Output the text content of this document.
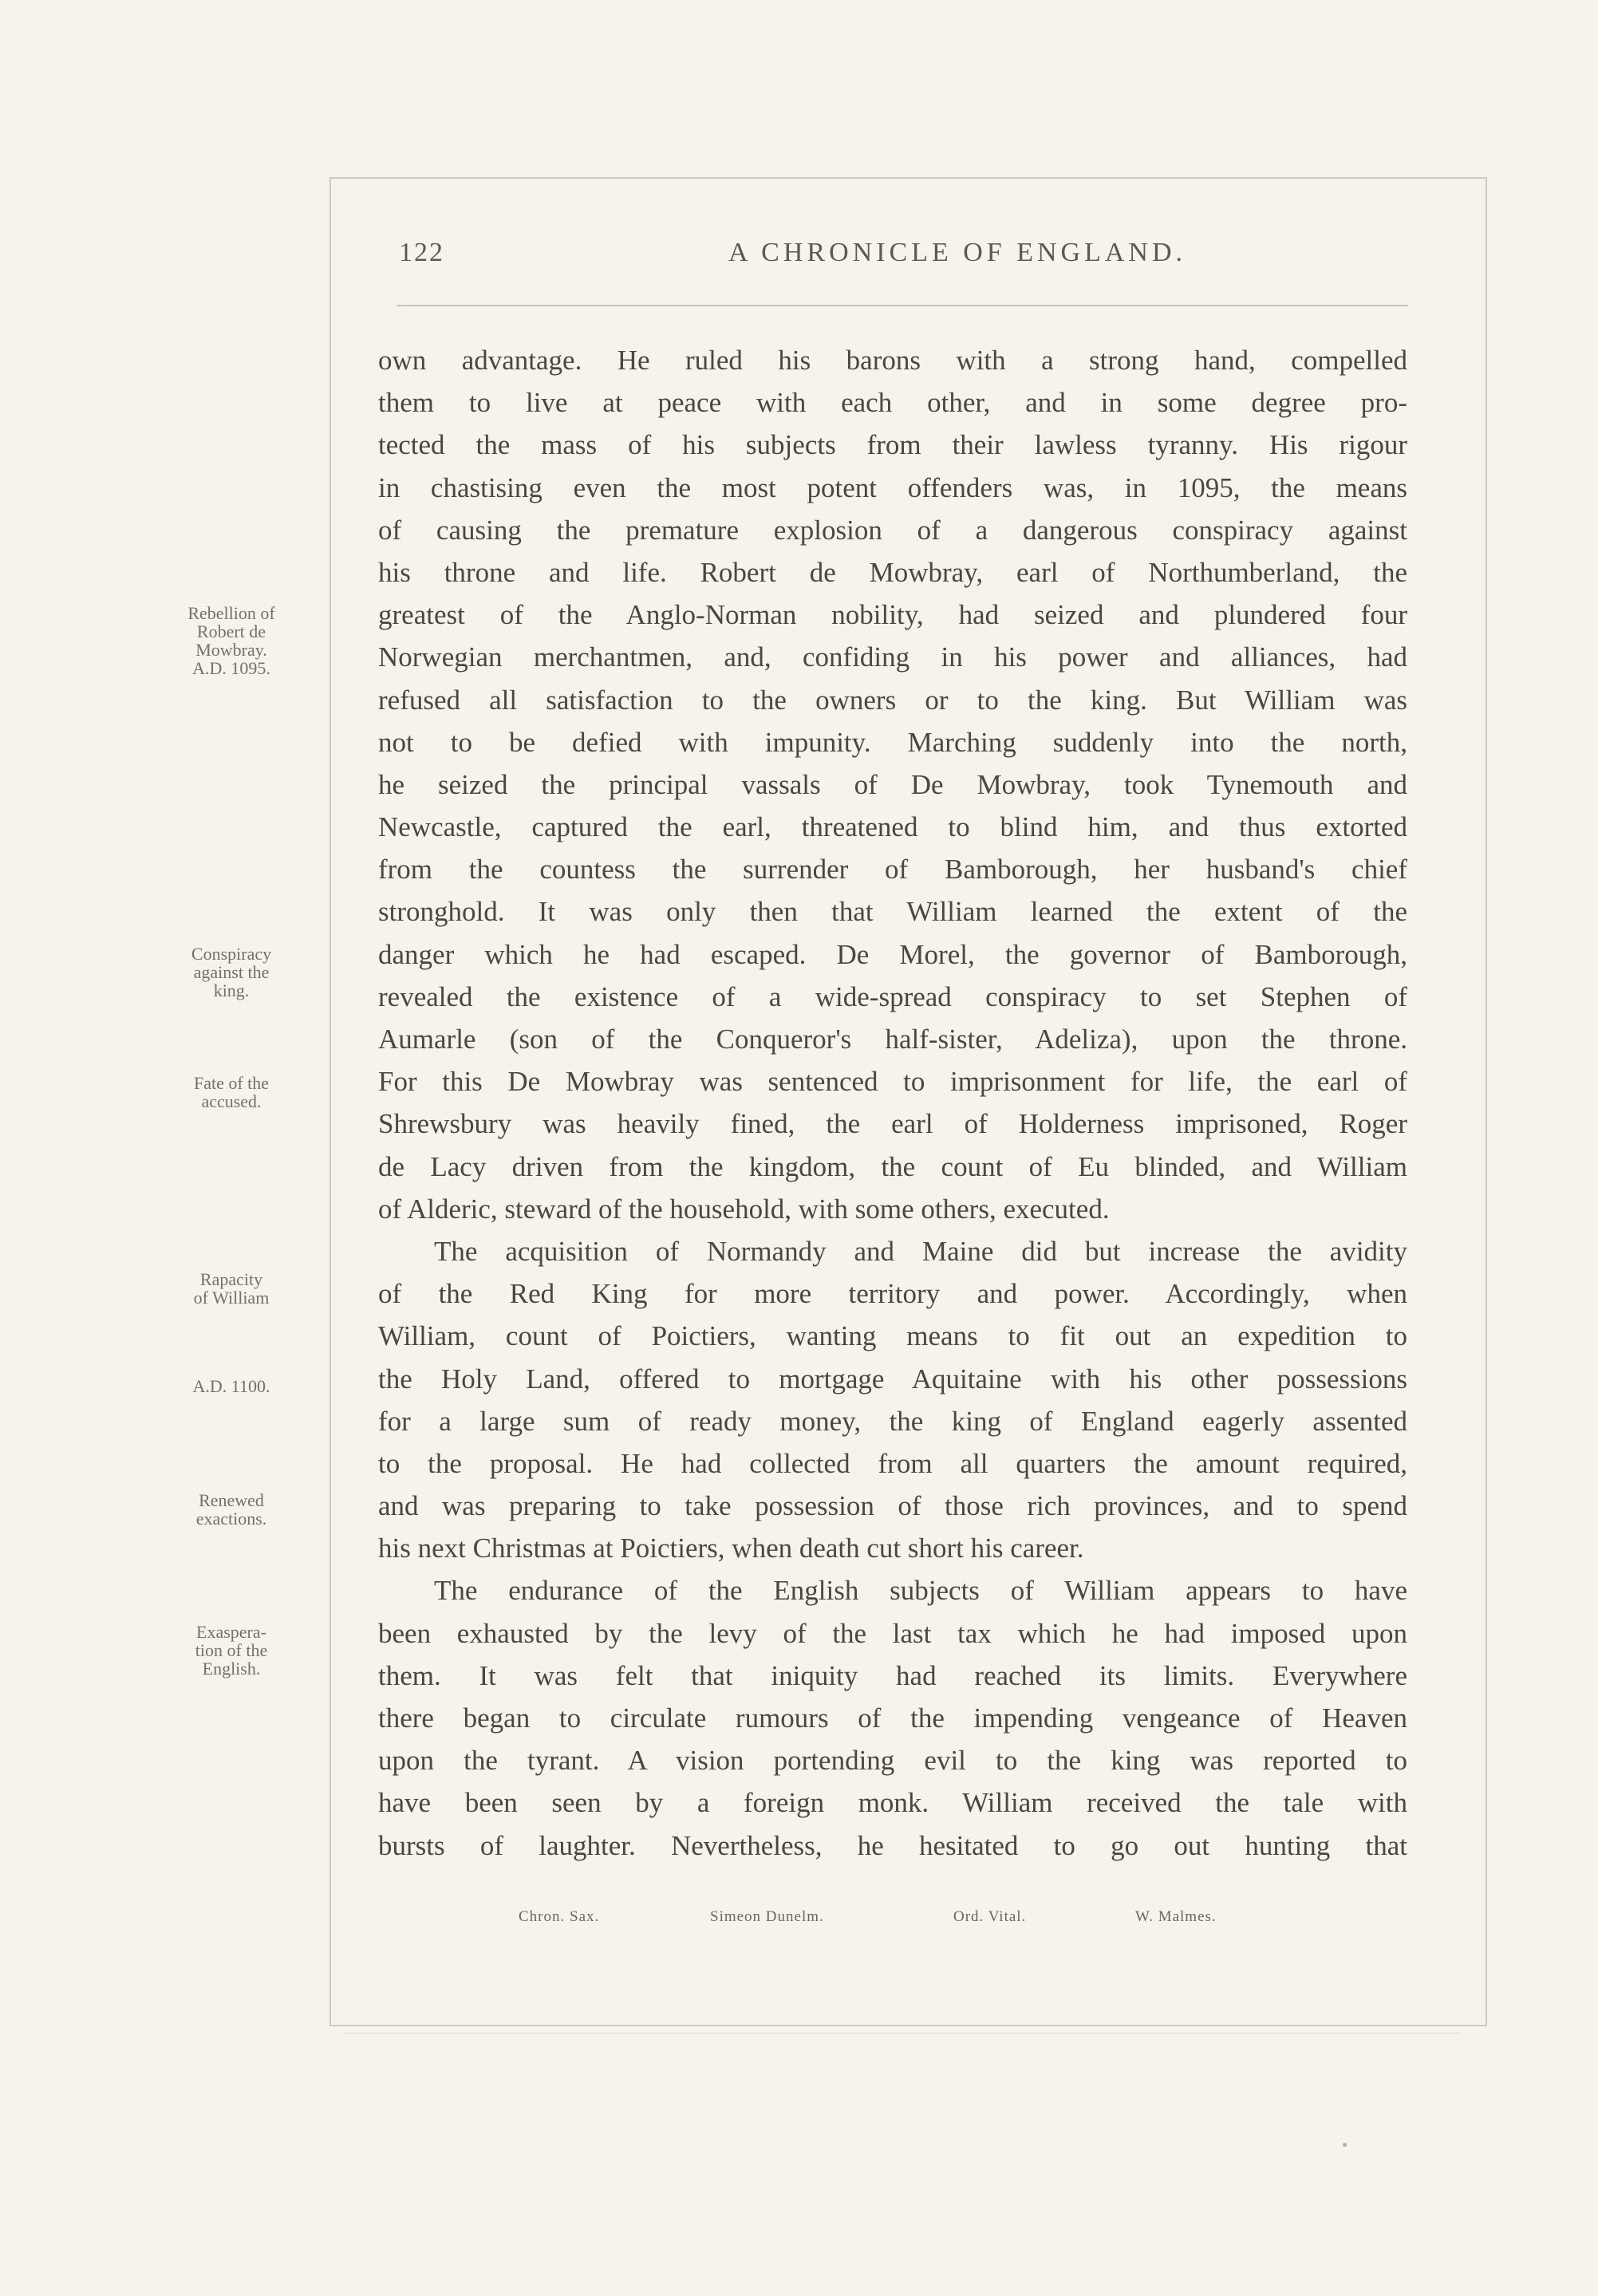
122	A CHRONICLE OF ENGLAND.
own advantage. He ruled his barons with a strong hand, compelled
them to live at peace with each other, and in some degree pro-
tected the mass of his subjects from their lawless tyranny. His rigour
in chastising even the most potent offenders was, in 1095, the means
of causing the premature explosion of a dangerous conspiracy against
his throne and life. Robert de Mowbray, earl of Northumberland, the
greatest of the Anglo-Norman nobility, had seized and plundered four
Norwegian merchantmen, and, confiding in his power and alliances, had
refused all satisfaction to the owners or to the king. But William was
not to be defied with impunity. Marching suddenly into the north,
he seized the principal vassals of De Mowbray, took Tynemouth and
Newcastle, captured the earl, threatened to blind him, and thus extorted
from the countess the surrender of Bamborough, her husband's chief
stronghold. It was only then that William learned the extent of the
danger which he had escaped. De Morel, the governor of Bamborough,
revealed the existence of a wide-spread conspiracy to set Stephen of
Aumarle (son of the Conqueror's half-sister, Adeliza), upon the throne.
For this De Mowbray was sentenced to imprisonment for life, the earl of
Shrewsbury was heavily fined, the earl of Holderness imprisoned, Roger
de Lacy driven from the kingdom, the count of Eu blinded, and William
of Alderic, steward of the household, with some others, executed.
The acquisition of Normandy and Maine did but increase the avidity
of the Red King for more territory and power. Accordingly, when
William, count of Poictiers, wanting means to fit out an expedition to
the Holy Land, offered to mortgage Aquitaine with his other possessions
for a large sum of ready money, the king of England eagerly assented
to the proposal. He had collected from all quarters the amount required,
and was preparing to take possession of those rich provinces, and to spend
his next Christmas at Poictiers, when death cut short his career.
The endurance of the English subjects of William appears to have
been exhausted by the levy of the last tax which he had imposed upon
them. It was felt that iniquity had reached its limits. Everywhere
there began to circulate rumours of the impending vengeance of Heaven
upon the tyrant. A vision portending evil to the king was reported to
have been seen by a foreign monk. William received the tale with
bursts of laughter. Nevertheless, he hesitated to go out hunting that
Rebellion of
Robert de
Mowbray.
A.D. 1095.
Conspiracy
against the
king.
Fate of the
accused.
Rapacity
of William
A.D. 1100.
Renewed
exactions.
Exaspera-
tion of the
English.
Chron. Sax.	Simeon Dunelm.	Ord. Vital.	W. Malmes.
